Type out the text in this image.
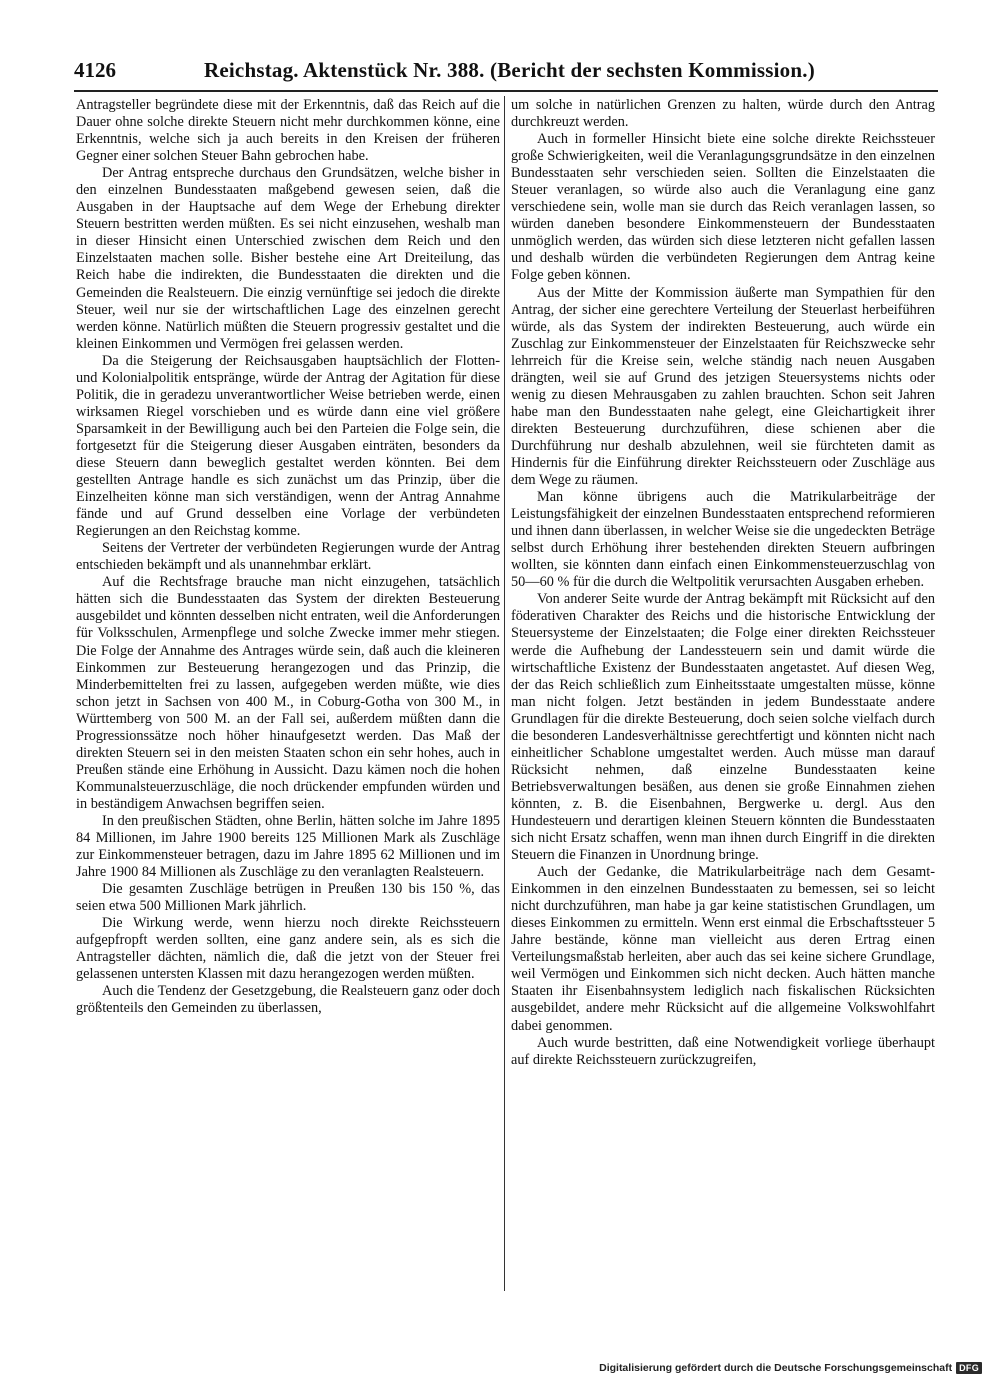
4126	Reichstag. Aktenstück Nr. 388. (Bericht der sechsten Kommission.)

Antragsteller begründete diese mit der Erkenntnis, daß das Reich auf die Dauer ohne solche direkte Steuern nicht mehr durchkommen könne, eine Erkenntnis, welche sich ja auch bereits in den Kreisen der früheren Gegner einer solchen Steuer Bahn gebrochen habe.

Der Antrag entspreche durchaus den Grundsätzen, welche bisher in den einzelnen Bundesstaaten maßgebend gewesen seien, daß die Ausgaben in der Hauptsache auf dem Wege der Erhebung direkter Steuern bestritten werden müßten. Es sei nicht einzusehen, weshalb man in dieser Hinsicht einen Unterschied zwischen dem Reich und den Einzelstaaten machen solle. Bisher bestehe eine Art Dreiteilung, das Reich habe die indirekten, die Bundesstaaten die direkten und die Gemeinden die Realsteuern. Die einzig vernünftige sei jedoch die direkte Steuer, weil nur sie der wirtschaftlichen Lage des einzelnen gerecht werden könne. Natürlich müßten die Steuern progressiv gestaltet und die kleinen Einkommen und Vermögen frei gelassen werden.

Da die Steigerung der Reichsausgaben hauptsächlich der Flotten- und Kolonialpolitik entspränge, würde der Antrag der Agitation für diese Politik, die in geradezu unverantwortlicher Weise betrieben werde, einen wirksamen Riegel vorschieben und es würde dann eine viel größere Sparsamkeit in der Bewilligung auch bei den Parteien die Folge sein, die fortgesetzt für die Steigerung dieser Ausgaben einträten, besonders da diese Steuern dann beweglich gestaltet werden könnten. Bei dem gestellten Antrage handle es sich zunächst um das Prinzip, über die Einzelheiten könne man sich verständigen, wenn der Antrag Annahme fände und auf Grund desselben eine Vorlage der verbündeten Regierungen an den Reichstag komme.

Seitens der Vertreter der verbündeten Regierungen wurde der Antrag entschieden bekämpft und als unannehmbar erklärt.

Auf die Rechtsfrage brauche man nicht einzugehen, tatsächlich hätten sich die Bundesstaaten das System der direkten Besteuerung ausgebildet und könnten desselben nicht entraten, weil die Anforderungen für Volksschulen, Armenpflege und solche Zwecke immer mehr stiegen. Die Folge der Annahme des Antrages würde sein, daß auch die kleineren Einkommen zur Besteuerung herangezogen und das Prinzip, die Minderbemittelten frei zu lassen, aufgegeben werden müßte, wie dies schon jetzt in Sachsen von 400 M., in Coburg-Gotha von 300 M., in Württemberg von 500 M. an der Fall sei, außerdem müßten dann die Progressionssätze noch höher hinaufgesetzt werden. Das Maß der direkten Steuern sei in den meisten Staaten schon ein sehr hohes, auch in Preußen stände eine Erhöhung in Aussicht. Dazu kämen noch die hohen Kommunalsteuerzuschläge, die noch drückender empfunden würden und in beständigem Anwachsen begriffen seien.

In den preußischen Städten, ohne Berlin, hätten solche im Jahre 1895 84 Millionen, im Jahre 1900 bereits 125 Millionen Mark als Zuschläge zur Einkommensteuer betragen, dazu im Jahre 1895 62 Millionen und im Jahre 1900 84 Millionen als Zuschläge zu den veranlagten Realsteuern.

Die gesamten Zuschläge betrügen in Preußen 130 bis 150 %, das seien etwa 500 Millionen Mark jährlich.

Die Wirkung werde, wenn hierzu noch direkte Reichssteuern aufgepfropft werden sollten, eine ganz andere sein, als es sich die Antragsteller dächten, nämlich die, daß die jetzt von der Steuer frei gelassenen untersten Klassen mit dazu herangezogen werden müßten.

Auch die Tendenz der Gesetzgebung, die Realsteuern ganz oder doch größtenteils den Gemeinden zu überlassen,

um solche in natürlichen Grenzen zu halten, würde durch den Antrag durchkreuzt werden.

Auch in formeller Hinsicht biete eine solche direkte Reichssteuer große Schwierigkeiten, weil die Veranlagungsgrundsätze in den einzelnen Bundesstaaten sehr verschieden seien. Sollten die Einzelstaaten die Steuer veranlagen, so würde also auch die Veranlagung eine ganz verschiedene sein, wolle man sie durch das Reich veranlagen lassen, so würden daneben besondere Einkommensteuern der Bundesstaaten unmöglich werden, das würden sich diese letzteren nicht gefallen lassen und deshalb würden die verbündeten Regierungen dem Antrag keine Folge geben können.

Aus der Mitte der Kommission äußerte man Sympathien für den Antrag, der sicher eine gerechtere Verteilung der Steuerlast herbeiführen würde, als das System der indirekten Besteuerung, auch würde ein Zuschlag zur Einkommensteuer der Einzelstaaten für Reichszwecke sehr lehrreich für die Kreise sein, welche ständig nach neuen Ausgaben drängten, weil sie auf Grund des jetzigen Steuersystems nichts oder wenig zu diesen Mehrausgaben zu zahlen brauchten. Schon seit Jahren habe man den Bundesstaaten nahe gelegt, eine Gleichartigkeit ihrer direkten Besteuerung durchzuführen, diese schienen aber die Durchführung nur deshalb abzulehnen, weil sie fürchteten damit as Hindernis für die Einführung direkter Reichssteuern oder Zuschläge aus dem Wege zu räumen.

Man könne übrigens auch die Matrikularbeiträge der Leistungsfähigkeit der einzelnen Bundesstaaten entsprechend reformieren und ihnen dann überlassen, in welcher Weise sie die ungedeckten Beträge selbst durch Erhöhung ihrer bestehenden direkten Steuern aufbringen wollten, sie könnten dann einfach einen Einkommensteuerzuschlag von 50—60 % für die durch die Weltpolitik verursachten Ausgaben erheben.

Von anderer Seite wurde der Antrag bekämpft mit Rücksicht auf den föderativen Charakter des Reichs und die historische Entwicklung der Steuersysteme der Einzelstaaten; die Folge einer direkten Reichssteuer werde die Aufhebung der Landessteuern sein und damit würde die wirtschaftliche Existenz der Bundesstaaten angetastet. Auf diesen Weg, der das Reich schließlich zum Einheitsstaate umgestalten müsse, könne man nicht folgen. Jetzt beständen in jedem Bundesstaate andere Grundlagen für die direkte Besteuerung, doch seien solche vielfach durch die besonderen Landesverhältnisse gerechtfertigt und könnten nicht nach einheitlicher Schablone umgestaltet werden. Auch müsse man darauf Rücksicht nehmen, daß einzelne Bundesstaaten keine Betriebsverwaltungen besäßen, aus denen sie große Einnahmen ziehen könnten, z. B. die Eisenbahnen, Bergwerke u. dergl. Aus den Hundesteuern und derartigen kleinen Steuern könnten die Bundesstaaten sich nicht Ersatz schaffen, wenn man ihnen durch Eingriff in die direkten Steuern die Finanzen in Unordnung bringe.

Auch der Gedanke, die Matrikularbeiträge nach dem Gesamt-Einkommen in den einzelnen Bundesstaaten zu bemessen, sei so leicht nicht durchzuführen, man habe ja gar keine statistischen Grundlagen, um dieses Einkommen zu ermitteln. Wenn erst einmal die Erbschaftssteuer 5 Jahre bestände, könne man vielleicht aus deren Ertrag einen Verteilungsmaßstab herleiten, aber auch das sei keine sichere Grundlage, weil Vermögen und Einkommen sich nicht decken. Auch hätten manche Staaten ihr Eisenbahnsystem lediglich nach fiskalischen Rücksichten ausgebildet, andere mehr Rücksicht auf die allgemeine Volkswohlfahrt dabei genommen.

Auch wurde bestritten, daß eine Notwendigkeit vorliege überhaupt auf direkte Reichssteuern zurückzugreifen,

Digitalisierung gefördert durch die Deutsche Forschungsgemeinschaft DFG
